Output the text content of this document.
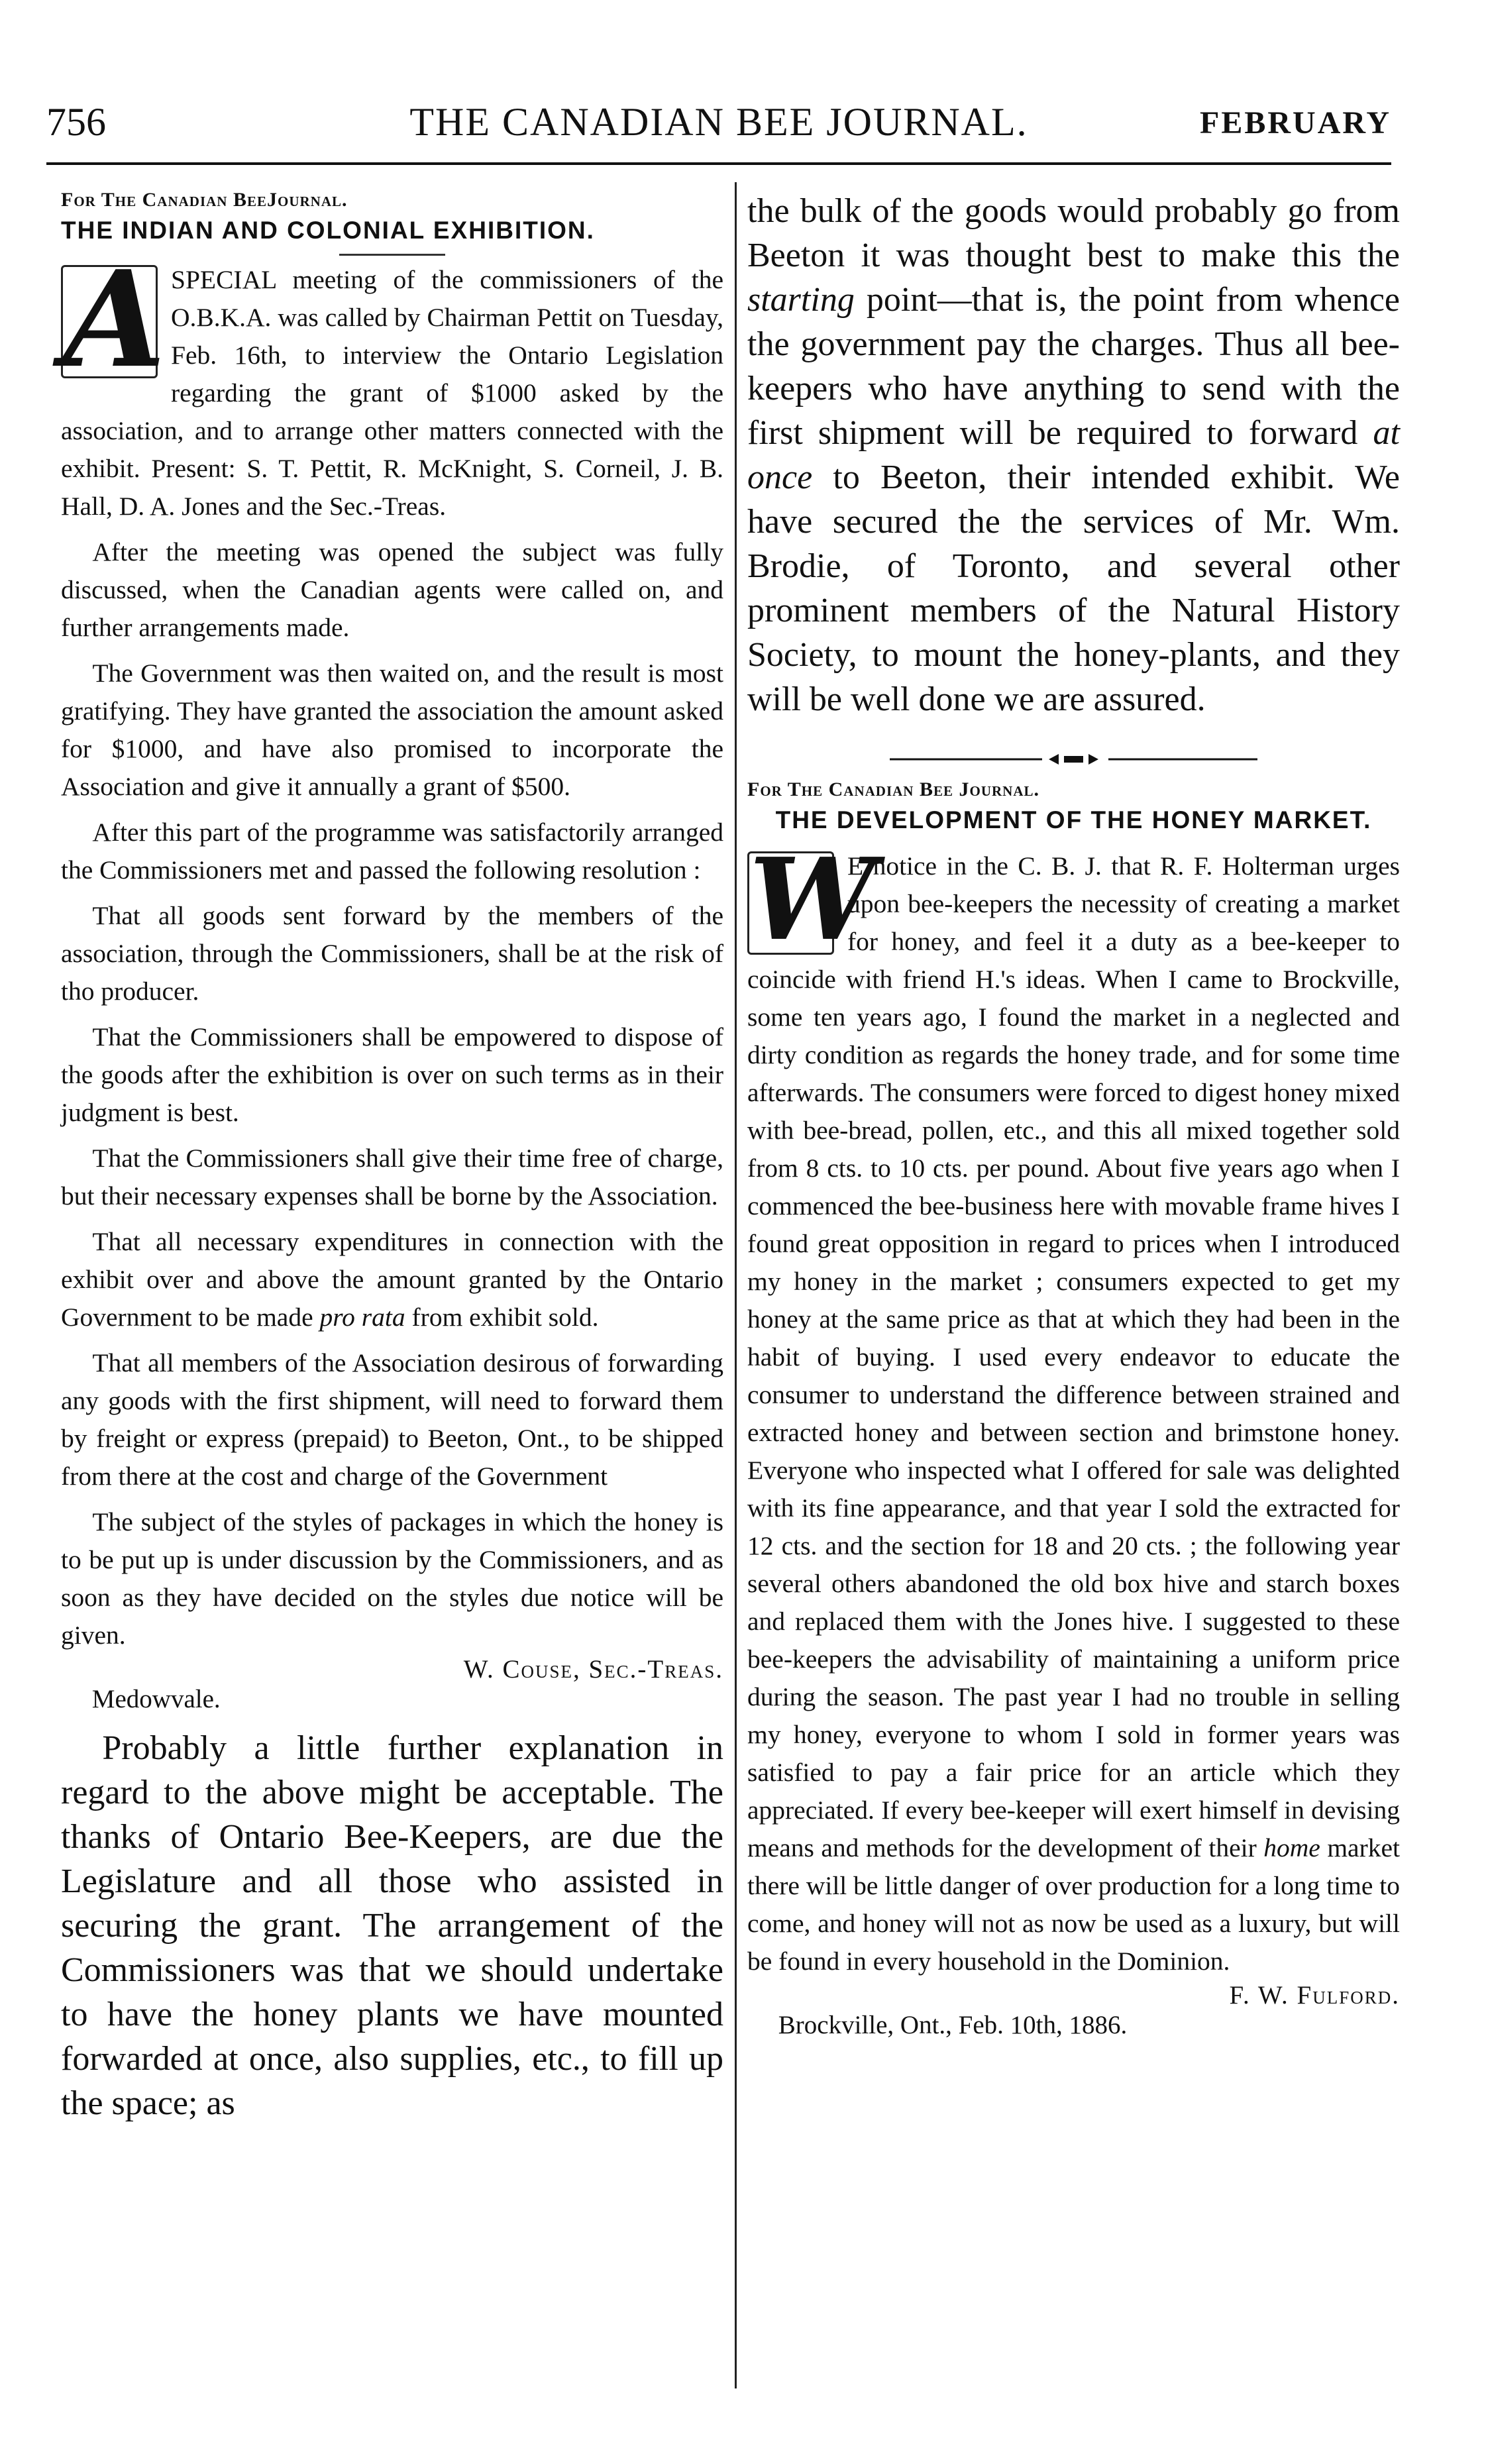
756	THE CANADIAN BEE JOURNAL.	FEBRUARY

For The Canadian BeeJournal.

THE INDIAN AND COLONIAL EXHIBITION.

A SPECIAL meeting of the commissioners of the O.B.K.A. was called by Chairman Pettit on Tuesday, Feb. 16th, to interview the Ontario Legislation regarding the grant of $1000 asked by the association, and to arrange other matters connected with the exhibit. Present: S. T. Pettit, R. McKnight, S. Corneil, J. B. Hall, D. A. Jones and the Sec.-Treas.

After the meeting was opened the subject was fully discussed, when the Canadian agents were called on, and further arrangements made.

The Government was then waited on, and the result is most gratifying. They have granted the association the amount asked for $1000, and have also promised to incorporate the Association and give it annually a grant of $500.

After this part of the programme was satisfactorily arranged the Commissioners met and passed the following resolution :

That all goods sent forward by the members of the association, through the Commissioners, shall be at the risk of tho producer.

That the Commissioners shall be empowered to dispose of the goods after the exhibition is over on such terms as in their judgment is best.

That the Commissioners shall give their time free of charge, but their necessary expenses shall be borne by the Association.

That all necessary expenditures in connection with the exhibit over and above the amount granted by the Ontario Government to be made pro rata from exhibit sold.

That all members of the Association desirous of forwarding any goods with the first shipment, will need to forward them by freight or express (prepaid) to Beeton, Ont., to be shipped from there at the cost and charge of the Government

The subject of the styles of packages in which the honey is to be put up is under discussion by the Commissioners, and as soon as they have decided on the styles due notice will be given.

W. Couse, Sec.-Treas.

Medowvale.

Probably a little further explanation in regard to the above might be acceptable. The thanks of Ontario Bee-Keepers, are due the Legislature and all those who assisted in securing the grant. The arrangement of the Commissioners was that we should undertake to have the honey plants we have mounted forwarded at once, also supplies, etc., to fill up the space; as

the bulk of the goods would probably go from Beeton it was thought best to make this the starting point—that is, the point from whence the government pay the charges. Thus all bee-keepers who have anything to send with the first shipment will be required to forward at once to Beeton, their intended exhibit. We have secured the the services of Mr. Wm. Brodie, of Toronto, and several other prominent members of the Natural History Society, to mount the honey-plants, and they will be well done we are assured.

For The Canadian Bee Journal.

THE DEVELOPMENT OF THE HONEY MARKET.

W
E notice in the C. B. J. that R. F. Holterman urges upon bee-keepers the necessity of creating a market for honey, and feel it a duty as a bee-keeper to coincide with friend H.'s ideas. When I came to Brockville, some ten years ago, I found the market in a neglected and dirty condition as regards the honey trade, and for some time afterwards. The consumers were forced to digest honey mixed with bee-bread, pollen, etc., and this all mixed together sold from 8 cts. to 10 cts. per pound. About five years ago when I commenced the bee-business here with movable frame hives I found great opposition in regard to prices when I introduced my honey in the market ; consumers expected to get my honey at the same price as that at which they had been in the habit of buying. I used every endeavor to educate the consumer to understand the difference between strained and extracted honey and between section and brimstone honey. Everyone who inspected what I offered for sale was delighted with its fine appearance, and that year I sold the extracted for 12 cts. and the section for 18 and 20 cts. ; the following year several others abandoned the old box hive and starch boxes and replaced them with the Jones hive. I suggested to these bee-keepers the advisability of maintaining a uniform price during the season. The past year I had no trouble in selling my honey, everyone to whom I sold in former years was satisfied to pay a fair price for an article which they appreciated. If every bee-keeper will exert himself in devising means and methods for the development of their home market there will be little danger of over production for a long time to come, and honey will not as now be used as a luxury, but will be found in every household in the Dominion.

F. W. Fulford.

Brockville, Ont., Feb. 10th, 1886.
